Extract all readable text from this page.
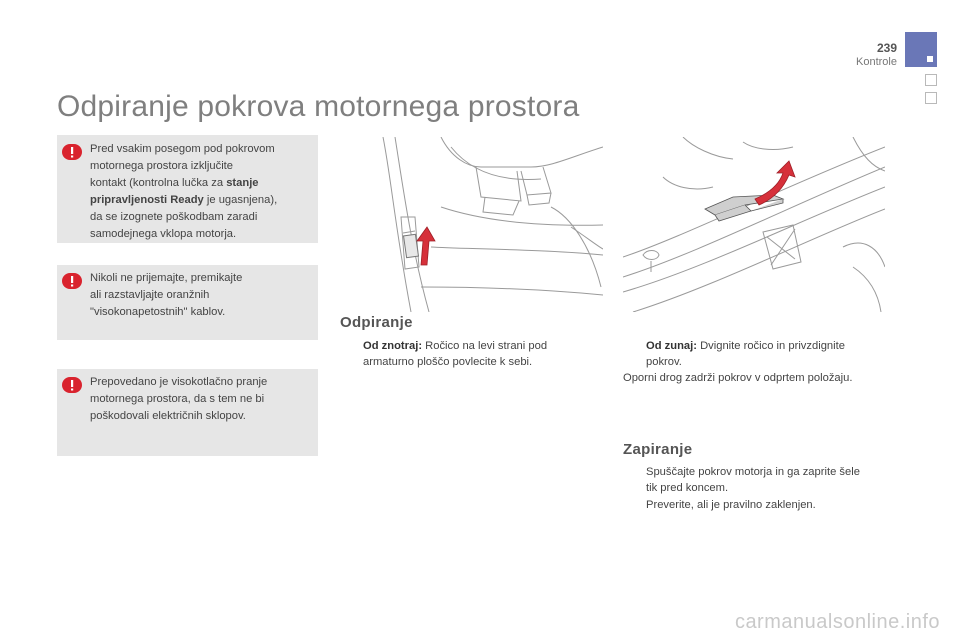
239
Kontrole
Odpiranje pokrova motornega prostora
Pred vsakim posegom pod pokrovom
motornega prostora izključite
kontakt (kontrolna lučka za stanje
pripravljenosti Ready je ugasnjena),
da se izognete poškodbam zaradi
samodejnega vklopa motorja.
Nikoli ne prijemajte, premikajte
ali razstavljajte oranžnih
"visokonapetostnih" kablov.
Prepovedano je visokotlačno pranje
motornega prostora, da s tem ne bi
poškodovali električnih sklopov.
Odpiranje
Od znotraj: Ročico na levi strani pod
armaturno ploščo povlecite k sebi.
Od zunaj: Dvignite ročico in privzdignite
pokrov.
Oporni drog zadrži pokrov v odprtem položaju.
Zapiranje
Spuščajte pokrov motorja in ga zaprite šele
tik pred koncem.
Preverite, ali je pravilno zaklenjen.
carmanualsonline.info
